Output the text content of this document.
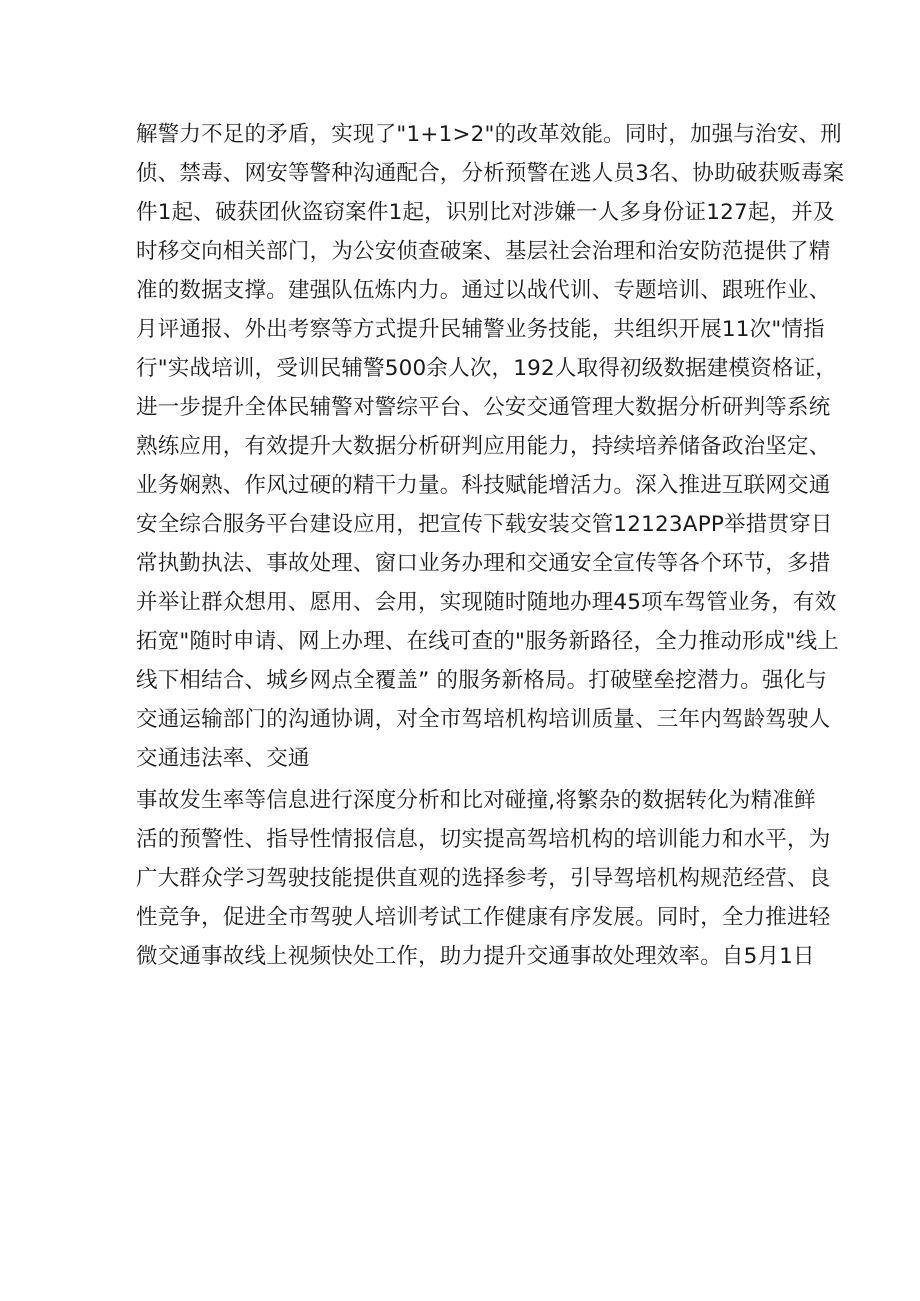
解警力不足的矛盾，实现了"1+1>2"的改革效能。同时，加强与治安、刑
侦、禁毒、网安等警种沟通配合，分析预警在逃人员3名、协助破获贩毒案
件1起、破获团伙盗窃案件1起，识别比对涉嫌一人多身份证127起，并及
时移交向相关部门，为公安侦查破案、基层社会治理和治安防范提供了精
准的数据支撑。建强队伍炼内力。通过以战代训、专题培训、跟班作业、
月评通报、外出考察等方式提升民辅警业务技能，共组织开展11次"情指
行"实战培训，受训民辅警500余人次，192人取得初级数据建模资格证，
进一步提升全体民辅警对警综平台、公安交通管理大数据分析研判等系统
熟练应用，有效提升大数据分析研判应用能力，持续培养储备政治坚定、
业务娴熟、作风过硬的精干力量。科技赋能增活力。深入推进互联网交通
安全综合服务平台建设应用，把宣传下载安装交管12123APP举措贯穿日
常执勤执法、事故处理、窗口业务办理和交通安全宣传等各个环节，多措
并举让群众想用、愿用、会用，实现随时随地办理45项车驾管业务，有效
拓宽"随时申请、网上办理、在线可查的"服务新路径，全力推动形成"线上
线下相结合、城乡网点全覆盖” 的服务新格局。打破壁垒挖潜力。强化与
交通运输部门的沟通协调，对全市驾培机构培训质量、三年内驾龄驾驶人
交通违法率、交通
事故发生率等信息进行深度分析和比对碰撞,将繁杂的数据转化为精准鲜
活的预警性、指导性情报信息，切实提高驾培机构的培训能力和水平，为
广大群众学习驾驶技能提供直观的选择参考，引导驾培机构规范经营、良
性竞争，促进全市驾驶人培训考试工作健康有序发展。同时，全力推进轻
微交通事故线上视频快处工作，助力提升交通事故处理效率。自5月1日
